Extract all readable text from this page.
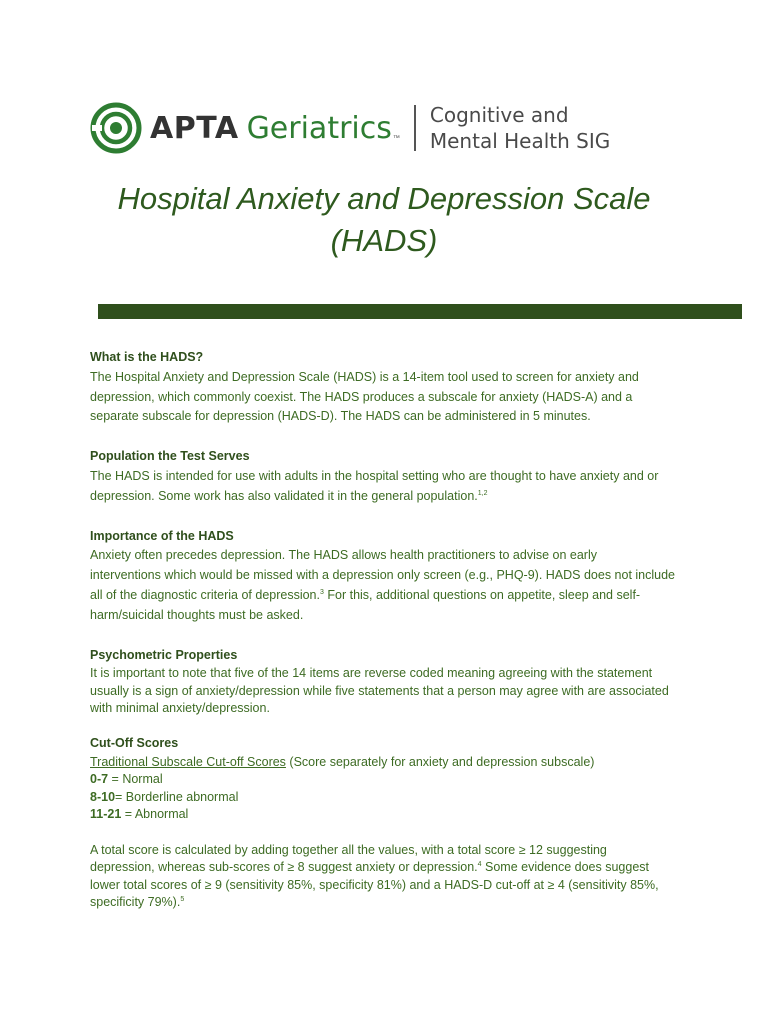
APTA Geriatrics ™
Cognitive and
Mental Health SIG
Hospital Anxiety and Depression Scale
(HADS)

What is the HADS?

The Hospital Anxiety and Depression Scale (HADS) is a 14-item tool used to screen for anxiety and

depression, which commonly coexist. The HADS produces a subscale for anxiety (HADS-A) and a

separate subscale for depression (HADS-D). The HADS can be administered in 5 minutes.

Population the Test Serves

The HADS is intended for use with adults in the hospital setting who are thought to have anxiety and or

depression. Some work has also validated it in the general population.$^{1,2}$

Importance of the HADS

Anxiety often precedes depression. The HADS allows health practitioners to advise on early

interventions which would be missed with a depression only screen (e.g., PHQ-9). HADS does not include

all of the diagnostic criteria of depression.$^3$ For this, additional questions on appetite, sleep and self-

harm/suicidal thoughts must be asked.

Psychometric Properties

It is important to note that five of the 14 items are reverse coded meaning agreeing with the statement

usually is a sign of anxiety/depression while five statements that a person may agree with are associated

with minimal anxiety/depression.

Cut-Off Scores

Traditional Subscale Cut-off Scores (Score separately for anxiety and depression subscale)

0-7 = Normal

8-10= Borderline abnormal

11-21 = Abnormal

A total score is calculated by adding together all the values, with a total score ≥ 12 suggesting

depression, whereas sub-scores of ≥ 8 suggest anxiety or depression.$^4$ Some evidence does suggest

lower total scores of ≥ 9 (sensitivity 85%, specificity 81%) and a HADS-D cut-off at ≥ 4 (sensitivity 85%,

specificity 79%).$^5$
